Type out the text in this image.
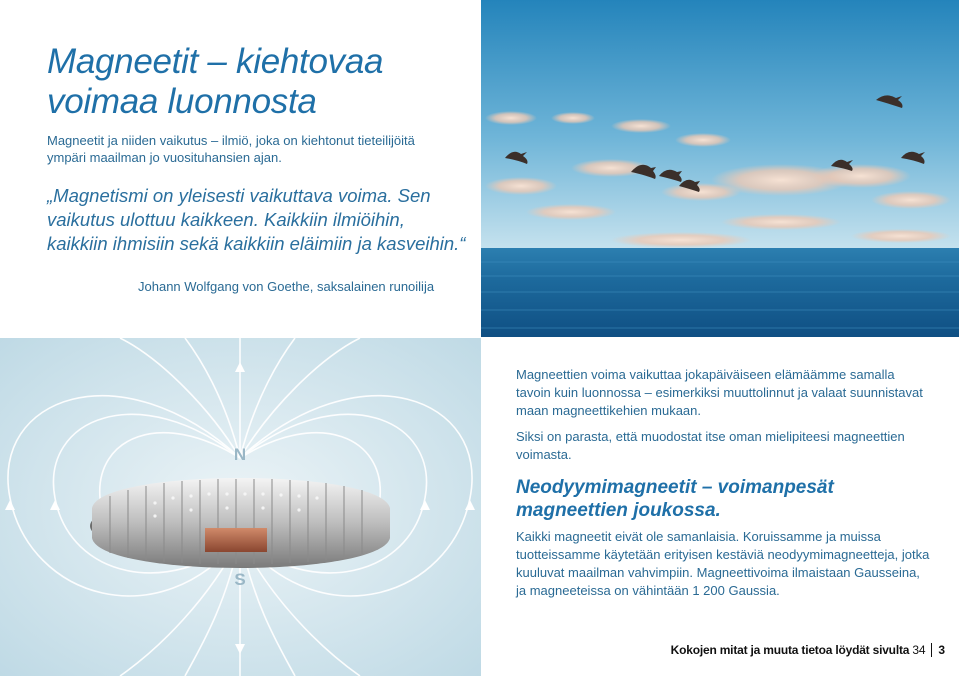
Magneetit – kiehtovaa
voimaa luonnosta

Magneetit ja niiden vaikutus – ilmiö, joka on kiehtonut tieteilijöitä ympäri maailman jo vuosituhansien ajan.

„Magnetismi on yleisesti vaikuttava voima. Sen vaikutus ulottuu kaikkeen. Kaikkiin ilmiöihin, kaikkiin ihmisiin sekä kaikkiin eläimiin ja kasveihin.“

Johann Wolfgang von Goethe, saksalainen runoilija
N
S

Magneettien voima vaikuttaa jokapäiväiseen elämäämme samalla tavoin kuin luonnossa – esimerkiksi muuttolinnut ja valaat suunnistavat maan magneettikehien mukaan.

Siksi on parasta, että muodostat itse oman mielipiteesi magneettien voimasta.

Neodyymimagneetit – voimanpesät magneettien joukossa.

Kaikki magneetit eivät ole samanlaisia. Koruissamme ja muissa tuotteissamme käytetään erityisen kestäviä neodyymimagneetteja, jotka kuuluvat maailman vahvimpiin. Magneettivoima ilmaistaan Gausseina, ja magneeteissa on vähintään 1 200 Gaussia.

Kokojen mitat ja muuta tietoa löydät sivulta 34 3
